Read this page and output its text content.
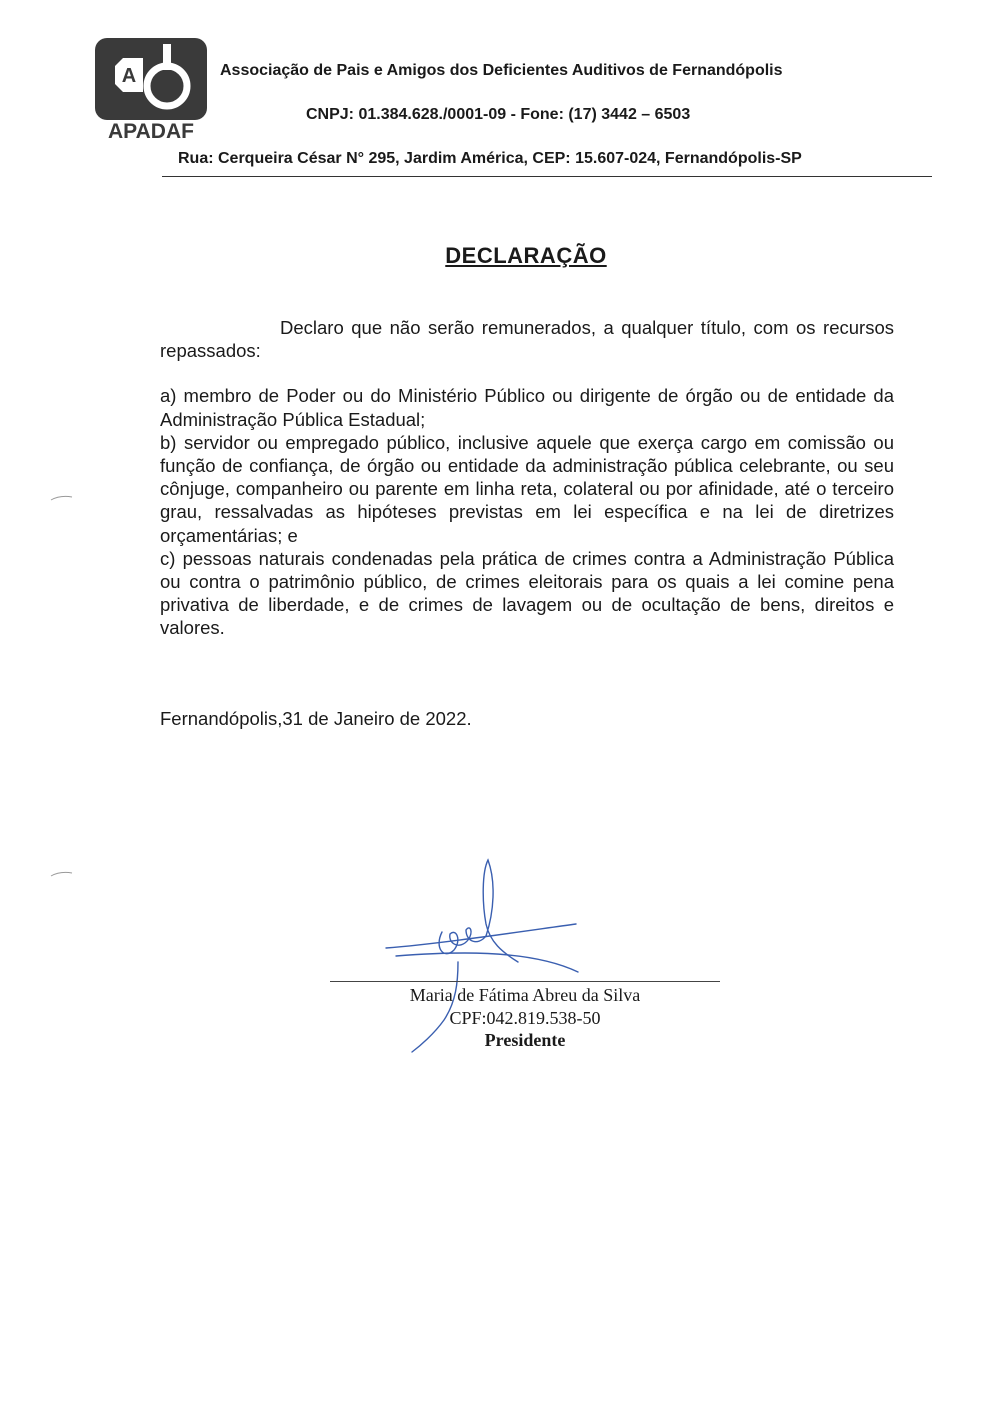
A
APADAF
Associação de Pais e Amigos dos Deficientes Auditivos de Fernandópolis
CNPJ: 01.384.628./0001-09 - Fone: (17) 3442 – 6503
Rua: Cerqueira César N° 295, Jardim América, CEP: 15.607-024, Fernandópolis-SP
DECLARAÇÃO

Declaro que não serão remunerados, a qualquer título, com os recursos repassados:

a) membro de Poder ou do Ministério Público ou dirigente de órgão ou de entidade da Administração Pública Estadual;

b) servidor ou empregado público, inclusive aquele que exerça cargo em comissão ou função de confiança, de órgão ou entidade da administração pública celebrante, ou seu cônjuge, companheiro ou parente em linha reta, colateral ou por afinidade, até o terceiro grau, ressalvadas as hipóteses previstas em lei específica e na lei de diretrizes orçamentárias; e

c) pessoas naturais condenadas pela prática de crimes contra a Administração Pública ou contra o patrimônio público, de crimes eleitorais para os quais a lei comine pena privativa de liberdade, e de crimes de lavagem ou de ocultação de bens, direitos e valores.

Fernandópolis,31 de Janeiro de 2022.
Maria de Fátima Abreu da Silva
CPF:042.819.538-50
Presidente
